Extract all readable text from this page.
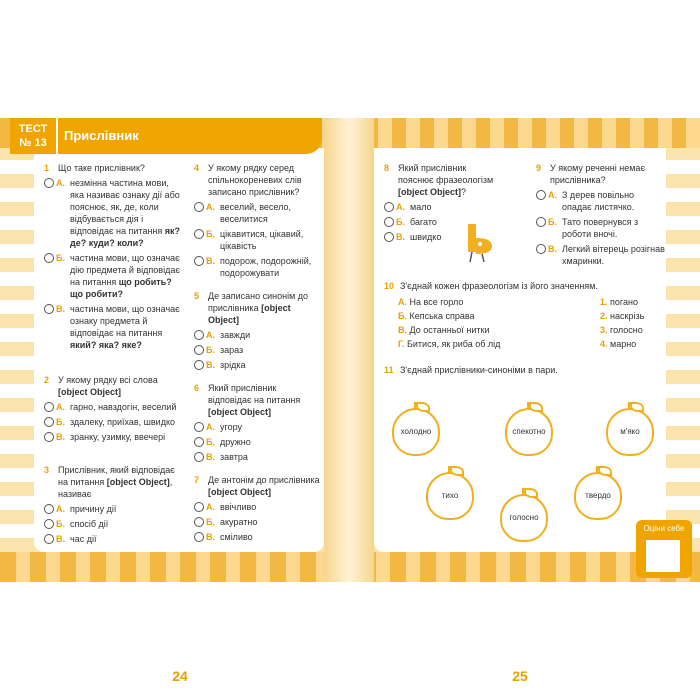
ТЕСТ
№ 13	Прислівник
1 Що таке прислівник?
А. незмінна частина мови, яка називає ознаку дії або пояснює, як, де, коли відбувається дія і відповідає на питання як? де? куди? коли?
Б. частина мови, що означає дію предмета й відповідає на питання що робить? що робити?
В. частина мови, що означає ознаку предмета й відповідає на питання який? яка? яке?
2 У якому рядку всі слова [object Object]
А. гарно, навздогін, веселий
Б. здалеку, приїхав, швидко
В. зранку, узимку, ввечері
3 Прислівник, який відповідає на питання [object Object], називає
А. причину дії
Б. спосіб дії
В. час дії
4 У якому рядку серед спільнокореневих слів записано прислівник?
А. веселий, весело, веселитися
Б. цікавитися, цікавий, цікавість
В. подорож, подорожній, подорожувати
5 Де записано синонім до прислівника [object Object]
А. завжди
Б. зараз
В. зрідка
6 Який прислівник відповідає на питання [object Object]
А. угору
Б. дружно
В. завтра
7 Де антонім до прислівника [object Object]
А. ввічливо
Б. акуратно
В. сміливо
24
8 Який прислівник пояснює фразеологізм [object Object]?
А. мало
Б. багато
В. швидко
9 У якому реченні немає прислівника?
А. З дерев повільно опадає листячко.
Б. Тато повернувся з роботи вночі.
В. Легкий вітерець розігнав хмаринки.
10 З'єднай кожен фразеологізм із його значенням.
А. На все горло
Б. Кепська справа
В. До останньої нитки
Г. Битися, як риба об лід
1. погано
2. наскрізь
3. голосно
4. марно
11 З'єднай прислівники-синоніми в пари.
холодно	спекотно	м'яко
тихо
голосно
твердо
25
Оціни себе
